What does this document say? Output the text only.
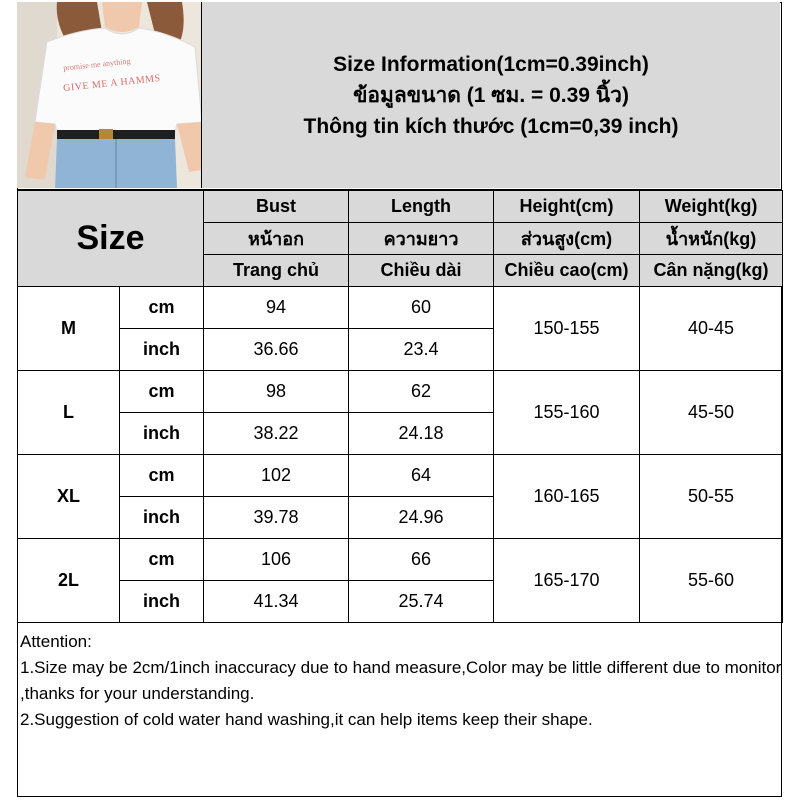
promise me anything
GIVE ME A HAMMS
Size Information(1cm=0.39inch)
ข้อมูลขนาด (1 ซม. = 0.39 นิ้ว)
Thông tin kích thước (1cm=0,39 inch)
Size		Bust	Length	Height(cm)	Weight(kg)
		หน้าอก	ความยาว	ส่วนสูง(cm)	น้ำหนัก(kg)
		Trang chủ	Chiều dài	Chiều cao(cm)	Cân nặng(kg)
M	cm	94	60	150-155	40-45
	inch	36.66	23.4		
L	cm	98	62	155-160	45-50
	inch	38.22	24.18		
XL	cm	102	64	160-165	50-55
	inch	39.78	24.96		
2L	cm	106	66	165-170	55-60
	inch	41.34	25.74		
Attention:
1.Size may be 2cm/1inch inaccuracy due to hand measure,Color may be little different due to monitor ,thanks for your understanding.
2.Suggestion of cold water hand washing,it can help items keep their shape.
